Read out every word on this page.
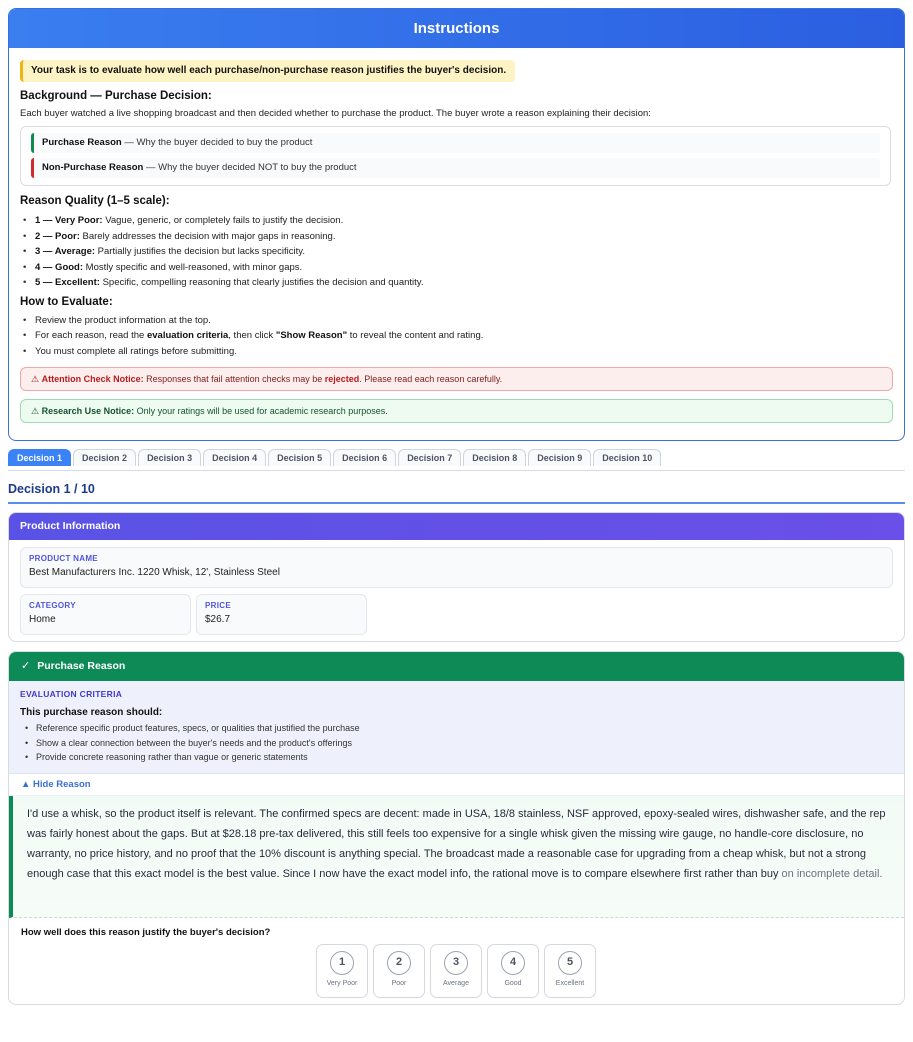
Instructions
Your task is to evaluate how well each purchase/non-purchase reason justifies the buyer's decision.
Background — Purchase Decision:
Each buyer watched a live shopping broadcast and then decided whether to purchase the product. The buyer wrote a reason explaining their decision:
Purchase Reason — Why the buyer decided to buy the product
Non-Purchase Reason — Why the buyer decided NOT to buy the product
Reason Quality (1–5 scale):
• 1 — Very Poor: Vague, generic, or completely fails to justify the decision.
• 2 — Poor: Barely addresses the decision with major gaps in reasoning.
• 3 — Average: Partially justifies the decision but lacks specificity.
• 4 — Good: Mostly specific and well-reasoned, with minor gaps.
• 5 — Excellent: Specific, compelling reasoning that clearly justifies the decision and quantity.
How to Evaluate:
• Review the product information at the top.
• For each reason, read the evaluation criteria, then click "Show Reason" to reveal the content and rating.
• You must complete all ratings before submitting.
⚠ Attention Check Notice: Responses that fail attention checks may be rejected. Please read each reason carefully.
⚠ Research Use Notice: Only your ratings will be used for academic research purposes.
Decision 1	Decision 2	Decision 3	Decision 4	Decision 5	Decision 6	Decision 7	Decision 8	Decision 9	Decision 10
Decision 1 / 10
Product Information
PRODUCT NAME
Best Manufacturers Inc. 1220 Whisk, 12', Stainless Steel
CATEGORY
Home
PRICE
$26.7
✓ Purchase Reason
EVALUATION CRITERIA
This purchase reason should:
• Reference specific product features, specs, or qualities that justified the purchase
• Show a clear connection between the buyer's needs and the product's offerings
• Provide concrete reasoning rather than vague or generic statements
▲ Hide Reason
I'd use a whisk, so the product itself is relevant. The confirmed specs are decent: made in USA, 18/8 stainless, NSF approved, epoxy-sealed wires, dishwasher safe, and the rep was fairly honest about the gaps. But at $28.18 pre-tax delivered, this still feels too expensive for a single whisk given the missing wire gauge, no handle-core disclosure, no warranty, no price history, and no proof that the 10% discount is anything special. The broadcast made a reasonable case for upgrading from a cheap whisk, but not a strong enough case that this exact model is the best value. Since I now have the exact model info, the rational move is to compare elsewhere first rather than buy on incomplete detail.
How well does this reason justify the buyer's decision?
1
Very Poor
2
Poor
3
Average
4
Good
5
Excellent
